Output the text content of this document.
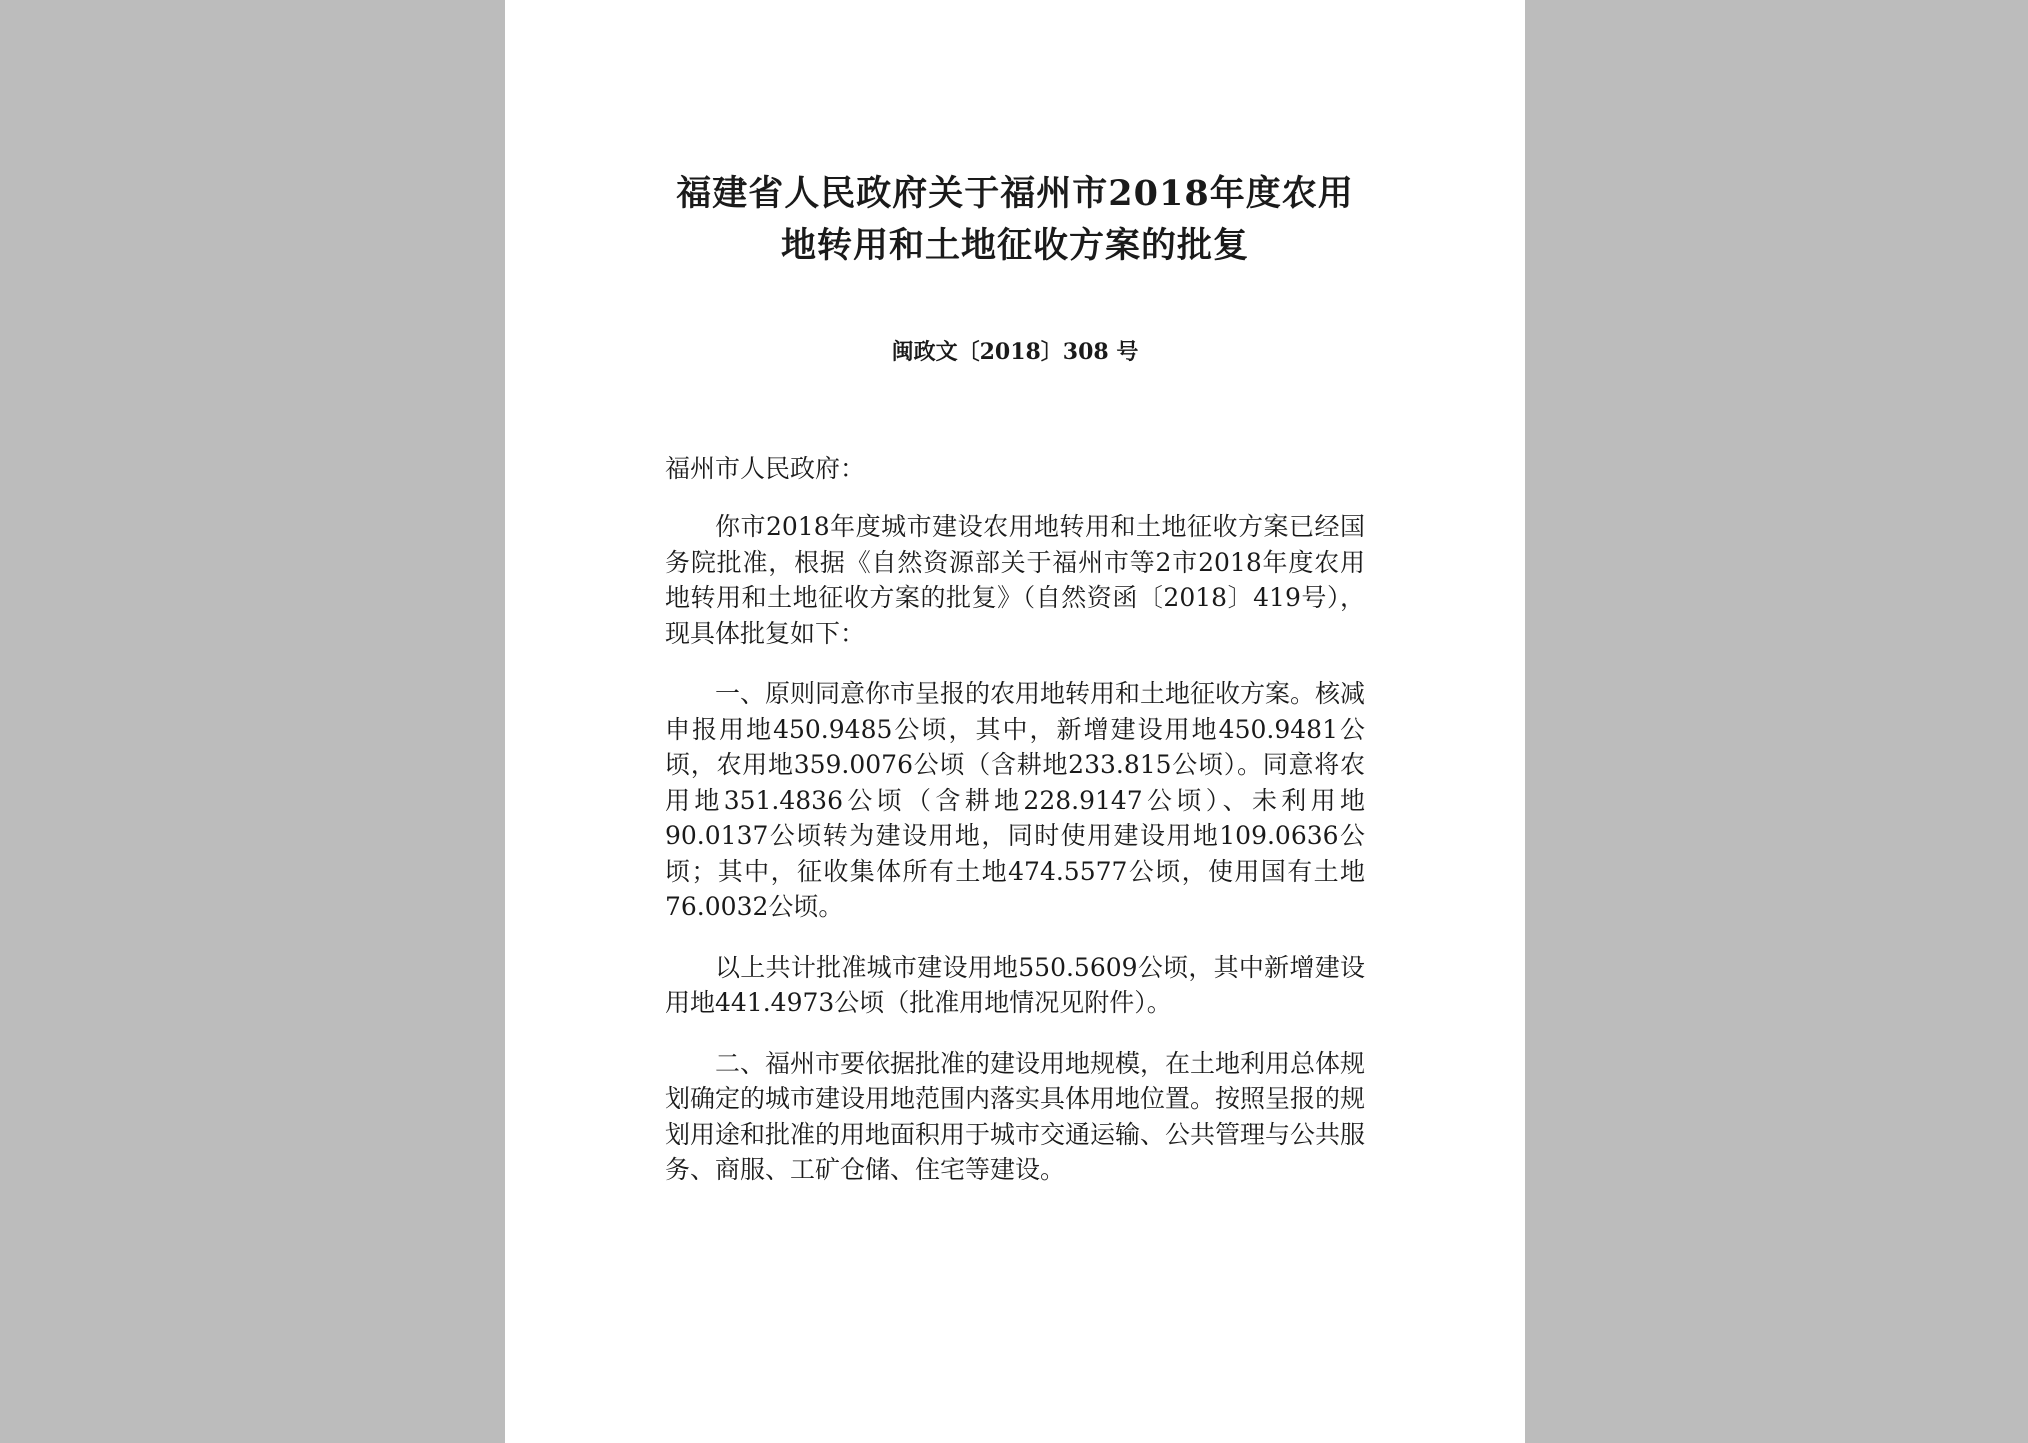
福建省人民政府关于福州市2018年度农用
地转用和土地征收方案的批复
闽政文〔2018〕308 号
福州市人民政府：

你市2018年度城市建设农用地转用和土地征收方案已经国务院批准，根据《自然资源部关于福州市等2市2018年度农用地转用和土地征收方案的批复》（自然资函〔2018〕419号），现具体批复如下：

一、原则同意你市呈报的农用地转用和土地征收方案。核减申报用地450.9485公顷，其中，新增建设用地450.9481公顷，农用地359.0076公顷（含耕地233.815公顷）。同意将农用地351.4836公顷（含耕地228.9147公顷）、未利用地90.0137公顷转为建设用地，同时使用建设用地109.0636公顷；其中，征收集体所有土地474.5577公顷，使用国有土地76.0032公顷。

以上共计批准城市建设用地550.5609公顷，其中新增建设用地441.4973公顷（批准用地情况见附件）。

二、福州市要依据批准的建设用地规模，在土地利用总体规划确定的城市建设用地范围内落实具体用地位置。按照呈报的规划用途和批准的用地面积用于城市交通运输、公共管理与公共服务、商服、工矿仓储、住宅等建设。
